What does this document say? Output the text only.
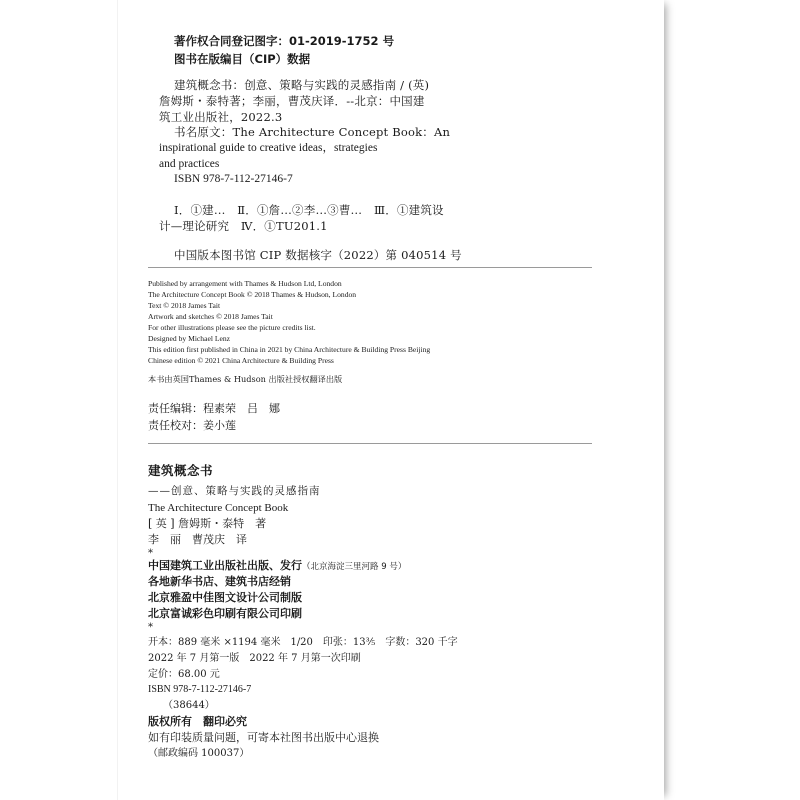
著作权合同登记图字：01-2019-1752 号
图书在版编目（CIP）数据
建筑概念书：创意、策略与实践的灵感指南 / (英)
詹姆斯・泰特著；李丽，曹茂庆译．--北京：中国建
筑工业出版社，2022.3
书名原文：The Architecture Concept Book：An
inspirational guide to creative ideas，strategies
and practices
ISBN 978-7-112-27146-7
Ⅰ．①建…　Ⅱ．①詹…②李…③曹…　Ⅲ．①建筑设
计—理论研究　Ⅳ．①TU201.1
中国版本图书馆 CIP 数据核字（2022）第 040514 号
Published by arrangement with Thames & Hudson Ltd, London
The Architecture Concept Book © 2018 Thames & Hudson, London
Text © 2018 James Tait
Artwork and sketches © 2018 James Tait
For other illustrations please see the picture credits list.
Designed by Michael Lenz
This edition first published in China in 2021 by China Architecture & Building Press Beijing
Chinese edition © 2021 China Architecture & Building Press
本书由英国Thames & Hudson 出版社授权翻译出版
责任编辑：程素荣　吕　娜
责任校对：姜小莲
建筑概念书
——创意、策略与实践的灵感指南
The Architecture Concept Book
[ 英 ] 詹姆斯・泰特　著
李　丽　曹茂庆　译
*
中国建筑工业出版社出版、发行（北京海淀三里河路 9 号）
各地新华书店、建筑书店经销
北京雅盈中佳图文设计公司制版
北京富诚彩色印刷有限公司印刷
*
开本：889 毫米 ×1194 毫米　1/20　印张：13⅗　字数：320 千字
2022 年 7 月第一版　2022 年 7 月第一次印刷
定价：68.00 元
ISBN 978-7-112-27146-7
（38644）
版权所有　翻印必究
如有印装质量问题，可寄本社图书出版中心退换
（邮政编码 100037）
